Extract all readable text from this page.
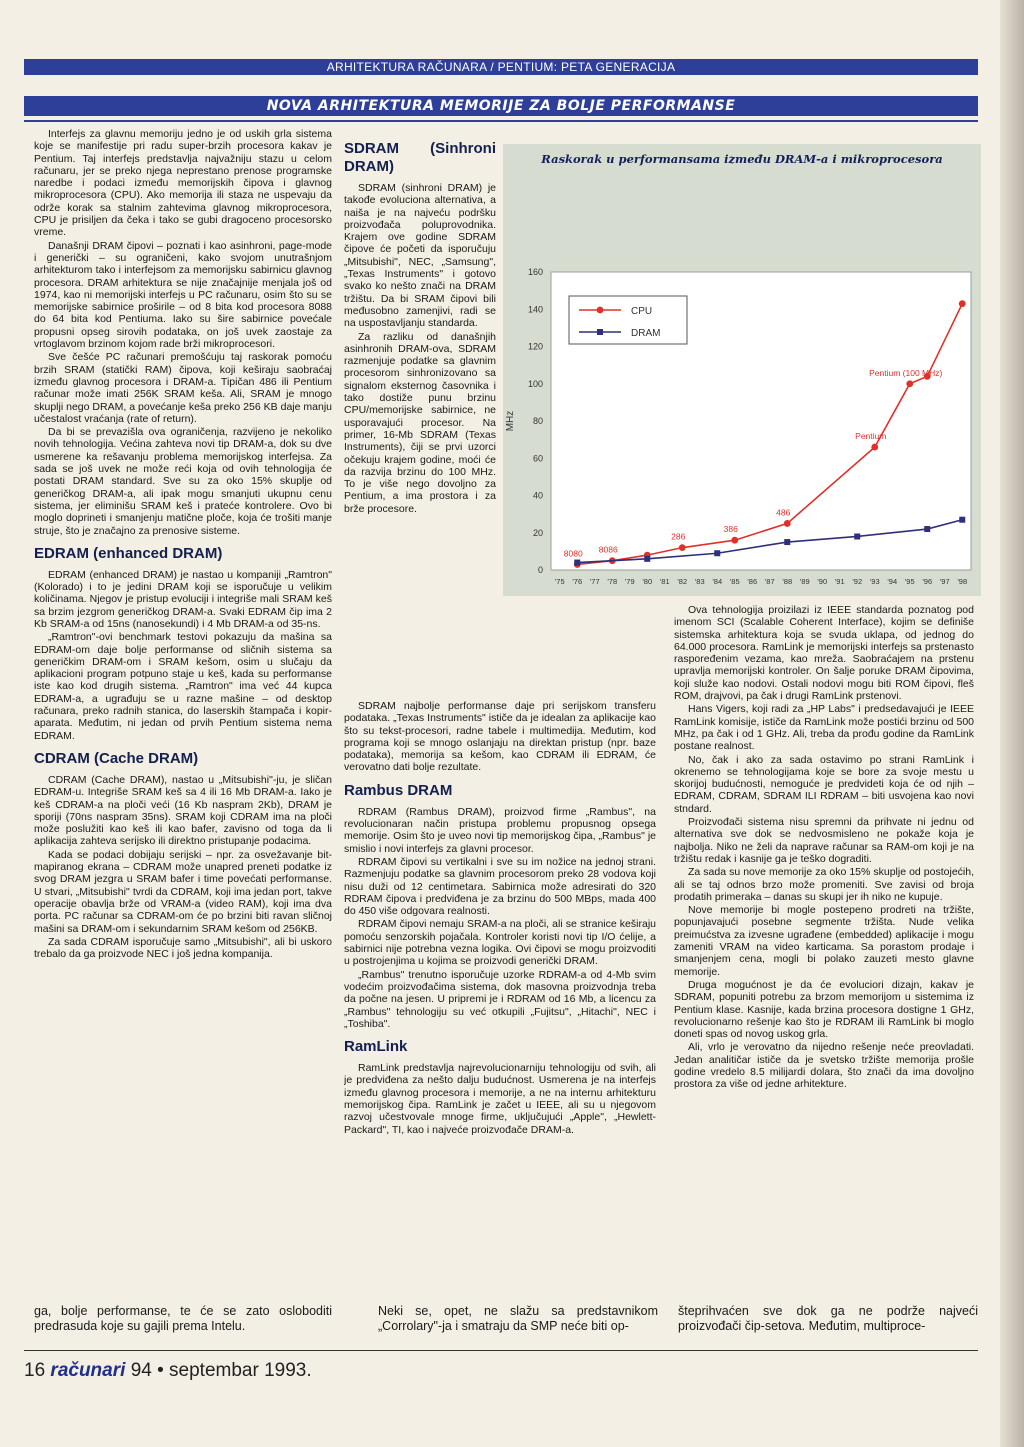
ARHITEKTURA RAČUNARA / PENTIUM: PETA GENERACIJA
NOVA ARHITEKTURA MEMORIJE ZA BOLJE PERFORMANSE

Interfejs za glavnu memoriju jedno je od uskih grla sistema koje se manifestije pri radu super-brzih procesora kakav je Pentium. Taj interfejs predstavlja najvažniju stazu u celom računaru, jer se preko njega neprestano prenose programske naredbe i podaci između memorijskih čipova i glavnog mikroprocesora (CPU). Ako memorija ili staza ne uspevaju da održe korak sa stalnim zahtevima glavnog mikroprocesora, CPU je prisiljen da čeka i tako se gubi dragoceno procesorsko vreme.

Današnji DRAM čipovi – poznati i kao asinhroni, page-mode i generički – su ograničeni, kako svojom unutrašnjom arhitekturom tako i interfejsom za memorijsku sabirnicu glavnog procesora. DRAM arhitektura se nije značajnije menjala još od 1974, kao ni memorijski interfejs u PC računaru, osim što su se memorijske sabirnice proširile – od 8 bita kod procesora 8088 do 64 bita kod Pentiuma. Iako su šire sabirnice povećale propusni opseg sirovih podataka, on još uvek zaostaje za vrtoglavom brzinom kojom rade brži mikroprocesori.

Sve češće PC računari premošćuju taj raskorak pomoću brzih SRAM (statički RAM) čipova, koji keširaju saobraćaj između glavnog procesora i DRAM-a. Tipičan 486 ili Pentium računar može imati 256K SRAM keša. Ali, SRAM je mnogo skuplji nego DRAM, a povećanje keša preko 256 KB daje manju učestalost vraćanja (rate of return).

Da bi se prevazišla ova ograničenja, razvijeno je nekoliko novih tehnologija. Većina zahteva novi tip DRAM-a, dok su dve usmerene ka rešavanju problema memorijskog interfejsa. Za sada se još uvek ne može reći koja od ovih tehnologija će postati DRAM standard. Sve su za oko 15% skuplje od generičkog DRAM-a, ali ipak mogu smanjuti ukupnu cenu sistema, jer eliminišu SRAM keš i prateće kontrolere. Ovo bi moglo doprineti i smanjenju matične ploče, koja će trošiti manje struje, što je značajno za prenosive sisteme.

EDRAM (enhanced DRAM)

EDRAM (enhanced DRAM) je nastao u kompaniji „Ramtron" (Kolorado) i to je jedini DRAM koji se isporučuje u velikim količinama. Njegov je pristup evoluciji i integriše mali SRAM keš sa brzim jezgrom generičkog DRAM-a. Svaki EDRAM čip ima 2 Kb SRAM-a od 15ns (nanosekundi) i 4 Mb DRAM-a od 35-ns.

„Ramtron"-ovi benchmark testovi pokazuju da mašina sa EDRAM-om daje bolje performanse od sličnih sistema sa generičkim DRAM-om i SRAM kešom, osim u slučaju da aplikacioni program potpuno staje u keš, kada su performanse iste kao kod drugih sistema. „Ramtron" ima već 44 kupca EDRAM-a, a ugrađuju se u razne mašine – od desktop računara, preko radnih stanica, do laserskih štampača i kopir-aparata. Međutim, ni jedan od prvih Pentium sistema nema EDRAM.

CDRAM (Cache DRAM)

CDRAM (Cache DRAM), nastao u „Mitsubishi"-ju, je sličan EDRAM-u. Integriše SRAM keš sa 4 ili 16 Mb DRAM-a. Iako je keš CDRAM-a na ploči veći (16 Kb naspram 2Kb), DRAM je sporiji (70ns naspram 35ns). SRAM koji CDRAM ima na ploči može poslužiti kao keš ili kao bafer, zavisno od toga da li aplikacija zahteva serijsko ili direktno pristupanje podacima.

Kada se podaci dobijaju serijski – npr. za osvežavanje bit-mapiranog ekrana – CDRAM može unapred preneti podatke iz svog DRAM jezgra u SRAM bafer i time povećati performanse. U stvari, „Mitsubishi" tvrdi da CDRAM, koji ima jedan port, takve operacije obavlja brže od VRAM-a (video RAM), koji ima dva porta. PC računar sa CDRAM-om će po brzini biti ravan sličnoj mašini sa DRAM-om i sekundarnim SRAM kešom od 256KB.

Za sada CDRAM isporučuje samo „Mitsubishi", ali bi uskoro trebalo da ga proizvode NEC i još jedna kompanija.

SDRAM (Sinhroni DRAM)

SDRAM (sinhroni DRAM) je takođe evoluciona alternativa, a naiša je na najveću podršku proizvođača poluprovodnika. Krajem ove godine SDRAM čipove će početi da isporučuju „Mitsubishi", NEC, „Samsung", „Texas Instruments" i gotovo svako ko nešto znači na DRAM tržištu. Da bi SRAM čipovi bili međusobno zamenjivi, radi se na uspostavljanju standarda.

Za razliku od današnjih asinhronih DRAM-ova, SDRAM razmenjuje podatke sa glavnim procesorom sinhronizovano sa signalom eksternog časovnika i tako dostiže punu brzinu CPU/memorijske sabirnice, ne usporavajući procesor. Na primer, 16-Mb SDRAM (Texas Instruments), čiji se prvi uzorci očekuju krajem godine, moći će da razvija brzinu do 100 MHz. To je više nego dovoljno za Pentium, a ima prostora i za brže procesore.

SDRAM najbolje performanse daje pri serijskom transferu podataka. „Texas Instruments" ističe da je idealan za aplikacije kao što su tekst-procesori, radne tabele i multimedija. Međutim, kod programa koji se mnogo oslanjaju na direktan pristup (npr. baze podataka), memorija sa kešom, kao CDRAM ili EDRAM, će verovatno dati bolje rezultate.

Rambus DRAM

RDRAM (Rambus DRAM), proizvod firme „Rambus", na revolucionaran način pristupa problemu propusnog opsega memorije. Osim što je uveo novi tip memorijskog čipa, „Rambus" je smislio i novi interfejs za glavni procesor.

RDRAM čipovi su vertikalni i sve su im nožice na jednoj strani. Razmenjuju podatke sa glavnim procesorom preko 28 vodova koji nisu duži od 12 centimetara. Sabirnica može adresirati do 320 RDRAM čipova i predviđena je za brzinu do 500 MBps, mada 400 do 450 više odgovara realnosti.

RDRAM čipovi nemaju SRAM-a na ploči, ali se stranice keširaju pomoću senzorskih pojačala. Kontroler koristi novi tip I/O ćelije, a sabirnici nije potrebna vezna logika. Ovi čipovi se mogu proizvoditi u postrojenjima u kojima se proizvodi generički DRAM.

„Rambus" trenutno isporučuje uzorke RDRAM-a od 4-Mb svim vodećim proizvođačima sistema, dok masovna proizvodnja treba da počne na jesen. U pripremi je i RDRAM od 16 Mb, a licencu za „Rambus" tehnologiju su već otkupili „Fujitsu", „Hitachi", NEC i „Toshiba".

RamLink

RamLink predstavlja najrevolucionarniju tehnologiju od svih, ali je predviđena za nešto dalju budućnost. Usmerena je na interfejs između glavnog procesora i memorije, a ne na internu arhitekturu memorijskog čipa. RamLink je začet u IEEE, ali su u njegovom razvoj učestvovale mnoge firme, uključujući „Apple", „Hewlett-Packard", TI, kao i najveće proizvođače DRAM-a.

Ova tehnologija proizilazi iz IEEE standarda poznatog pod imenom SCI (Scalable Coherent Interface), kojim se definiše sistemska arhitektura koja se svuda uklapa, od jednog do 64.000 procesora. RamLink je memorijski interfejs sa prstenasto raspoređenim vezama, kao mreža. Saobraćajem na prstenu upravlja memorijski kontroler. On šalje poruke DRAM čipovima, koji služe kao nodovi. Ostali nodovi mogu biti ROM čipovi, fleš ROM, drajvovi, pa čak i drugi RamLink prstenovi.

Hans Vigers, koji radi za „HP Labs" i predsedavajući je IEEE RamLink komisije, ističe da RamLink može postići brzinu od 500 MHz, pa čak i od 1 GHz. Ali, treba da prođu godine da RamLink postane realnost.

No, čak i ako za sada ostavimo po strani RamLink i okrenemo se tehnologijama koje se bore za svoje mestu u skorijoj budućnosti, nemoguće je predvideti koja će od njih – EDRAM, CDRAM, SDRAM ILI RDRAM – biti usvojena kao novi stndard.

Proizvođači sistema nisu spremni da prihvate ni jednu od alternativa sve dok se nedvosmisleno ne pokaže koja je najbolja. Niko ne želi da naprave računar sa RAM-om koji je na tržištu redak i kasnije ga je teško dograditi.

Za sada su nove memorije za oko 15% skuplje od postojećih, ali se taj odnos brzo može promeniti. Sve zavisi od broja prodatih primeraka – danas su skupi jer ih niko ne kupuje.

Nove memorije bi mogle postepeno prodreti na tržište, popunjavajući posebne segmente tržišta. Nude velika preimućstva za izvesne ugrađene (embedded) aplikacije i mogu zameniti VRAM na video karticama. Sa porastom prodaje i smanjenjem cena, mogli bi polako zauzeti mesto glavne memorije.

Druga mogućnost je da će evoluciori dizajn, kakav je SDRAM, popuniti potrebu za brzom memorijom u sistemima iz Pentium klase. Kasnije, kada brzina procesora dostigne 1 GHz, revolucionarno rešenje kao što je RDRAM ili RamLink bi moglo doneti spas od novog uskog grla.

Ali, vrlo je verovatno da nijedno rešenje neće preovladati. Jedan analitičar ističe da je svetsko tržište memorija prošle godine vredelo 8.5 milijardi dolara, što znači da ima dovoljno prostora za više od jedne arhitekture.

Raskorak u performansama između DRAM-a i mikroprocesora
0
20
40
60
80
100
120
140
160
MHz
'75 '76 '77 '78 '79 '80 '81 '82 '83 '84 '85 '86 '87 '88 '89 '90 '91 '92 '93 '94 '95 '96 '97 '98
8080 8086
286
386
486
Pentium
Pentium (100 MHz)
CPU
DRAM
ga, bolje performanse, te će se zato osloboditi predrasuda koje su gajili prema Intelu.
Neki se, opet, ne slažu sa predstavnikom „Corrolary"-ja i smatraju da SMP neće biti op-
šteprihvaćen sve dok ga ne podrže najveći proizvođači čip-setova. Međutim, multiproce-
16 računari 94 • septembar 1993.
